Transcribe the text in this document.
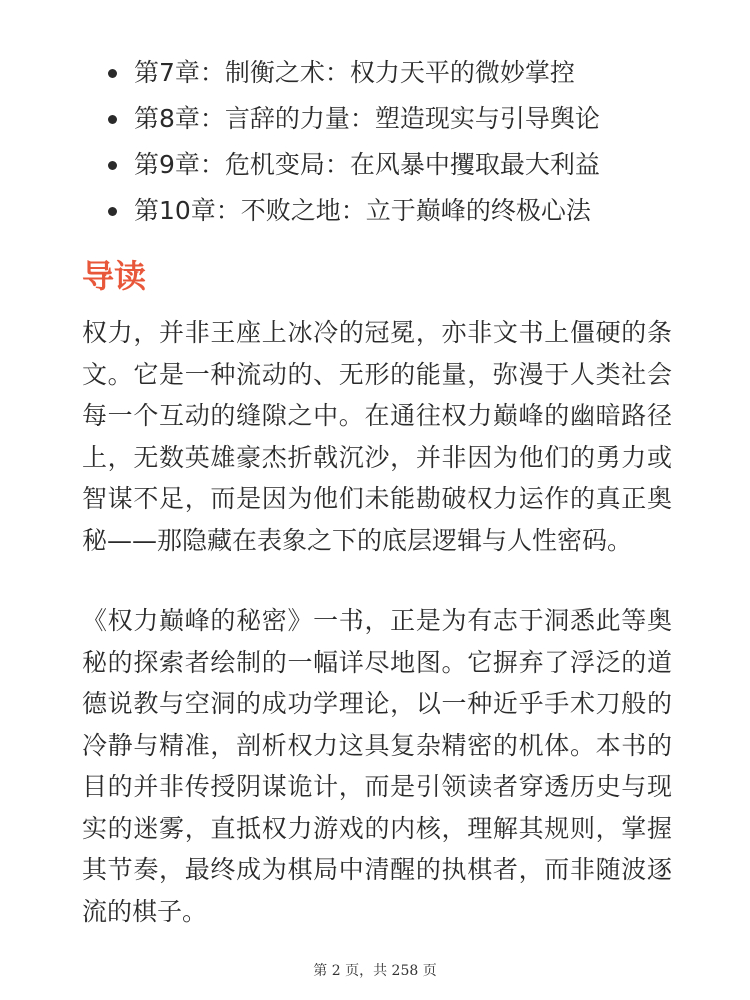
第7章：制衡之术：权力天平的微妙掌控
第8章：言辞的力量：塑造现实与引导舆论
第9章：危机变局：在风暴中攫取最大利益
第10章：不败之地：立于巅峰的终极心法
导读

权力，并非王座上冰冷的冠冕，亦非文书上僵硬的条文。它是一种流动的、无形的能量，弥漫于人类社会每一个互动的缝隙之中。在通往权力巅峰的幽暗路径上，无数英雄豪杰折戟沉沙，并非因为他们的勇力或智谋不足，而是因为他们未能勘破权力运作的真正奥秘——那隐藏在表象之下的底层逻辑与人性密码。

《权力巅峰的秘密》一书，正是为有志于洞悉此等奥秘的探索者绘制的一幅详尽地图。它摒弃了浮泛的道德说教与空洞的成功学理论，以一种近乎手术刀般的冷静与精准，剖析权力这具复杂精密的机体。本书的目的并非传授阴谋诡计，而是引领读者穿透历史与现实的迷雾，直抵权力游戏的内核，理解其规则，掌握其节奏，最终成为棋局中清醒的执棋者，而非随波逐流的棋子。

第 2 页，共 258 页
